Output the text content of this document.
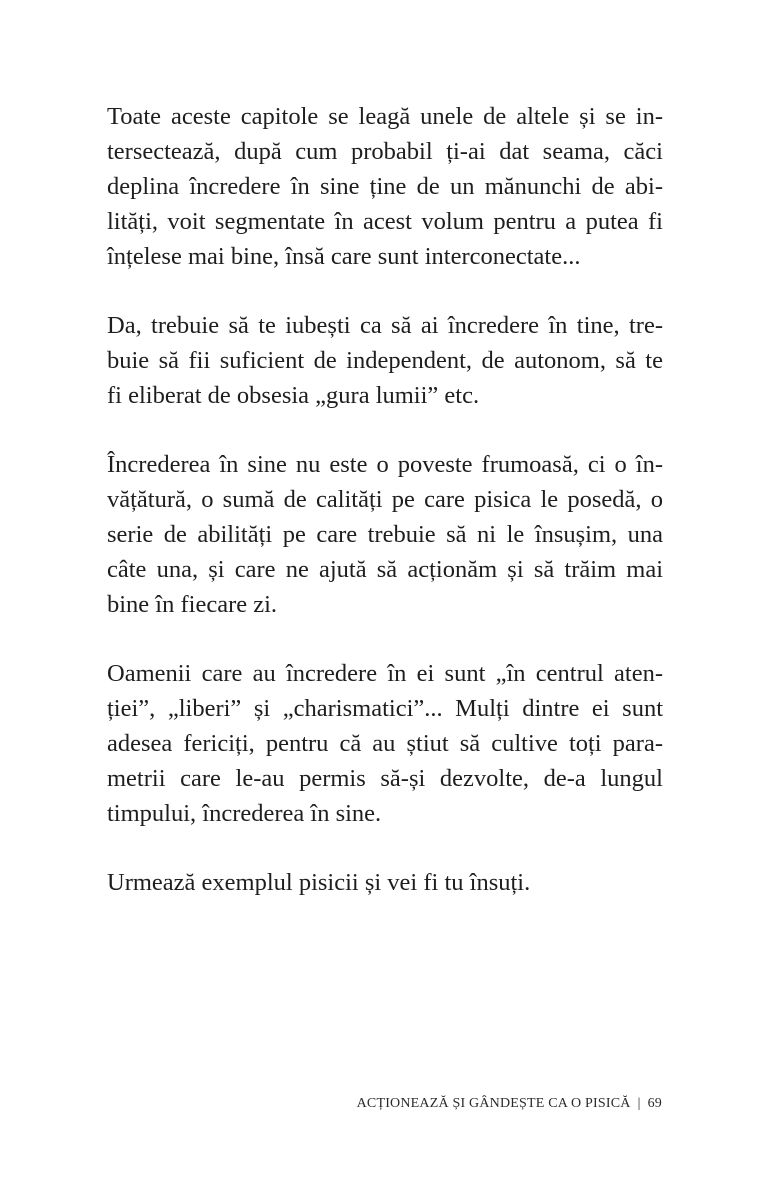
Toate aceste capitole se leagă unele de altele și se in-
tersectează, după cum probabil ți-ai dat seama, căci
deplina încredere în sine ține de un mănunchi de abi-
lități, voit segmentate în acest volum pentru a putea fi
înțelese mai bine, însă care sunt interconectate...
Da, trebuie să te iubești ca să ai încredere în tine, tre-
buie să fii suficient de independent, de autonom, să te
fi eliberat de obsesia „gura lumii” etc.
Încrederea în sine nu este o poveste frumoasă, ci o în-
vățătură, o sumă de calități pe care pisica le posedă, o
serie de abilități pe care trebuie să ni le însușim, una
câte una, și care ne ajută să acționăm și să trăim mai
bine în fiecare zi.
Oamenii care au încredere în ei sunt „în centrul aten-
ției”, „liberi” și „charismatici”... Mulți dintre ei sunt
adesea fericiți, pentru că au știut să cultive toți para-
metrii care le-au permis să-și dezvolte, de-a lungul
timpului, încrederea în sine.
Urmează exemplul pisicii și vei fi tu însuți.
ACȚIONEAZĂ ȘI GÂNDEȘTE CA O PISICĂ | 69
